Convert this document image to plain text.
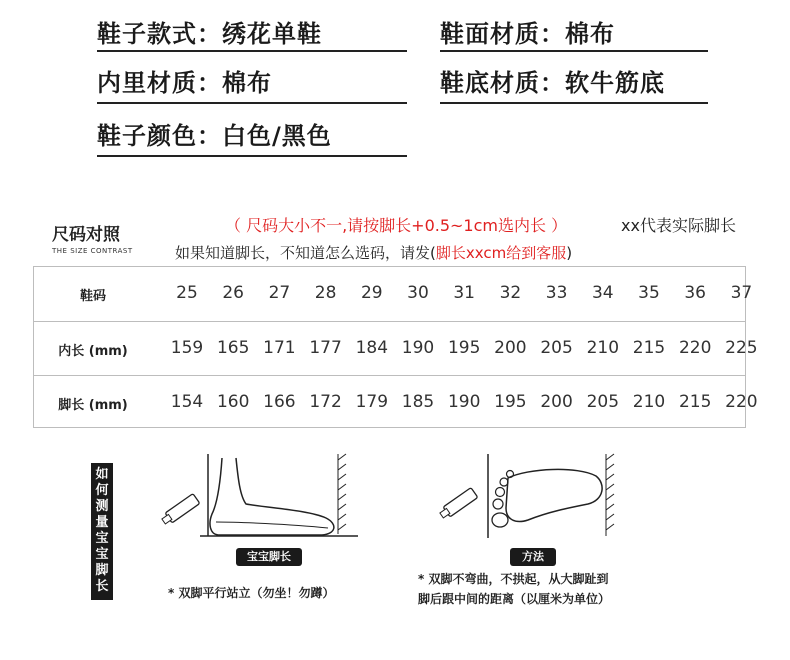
鞋子款式：绣花单鞋	鞋面材质：棉布
内里材质：棉布	鞋底材质：软牛筋底
鞋子颜色：白色/黑色
尺码对照
THE SIZE CONTRAST
（ 尺码大小不一,请按脚长+0.5~1cm选内长 ）	xx代表实际脚长
如果知道脚长，不知道怎么选码，请发(脚长xxcm给到客服)
鞋码	25	26	27	28	29	30	31	32	33	34	35	36	37
内长 (mm)	159 165 171 177 184 190 195 200 205 210 215 220 225
脚长 (mm)	154 160 166 172 179 185 190 195 200 205 210 215 220
如
何
测
量
宝
宝
脚
长
宝宝脚长
* 双脚平行站立（勿坐！勿蹲）
方法
* 双脚不弯曲，不拱起，从大脚趾到
脚后跟中间的距离（以厘米为单位）
